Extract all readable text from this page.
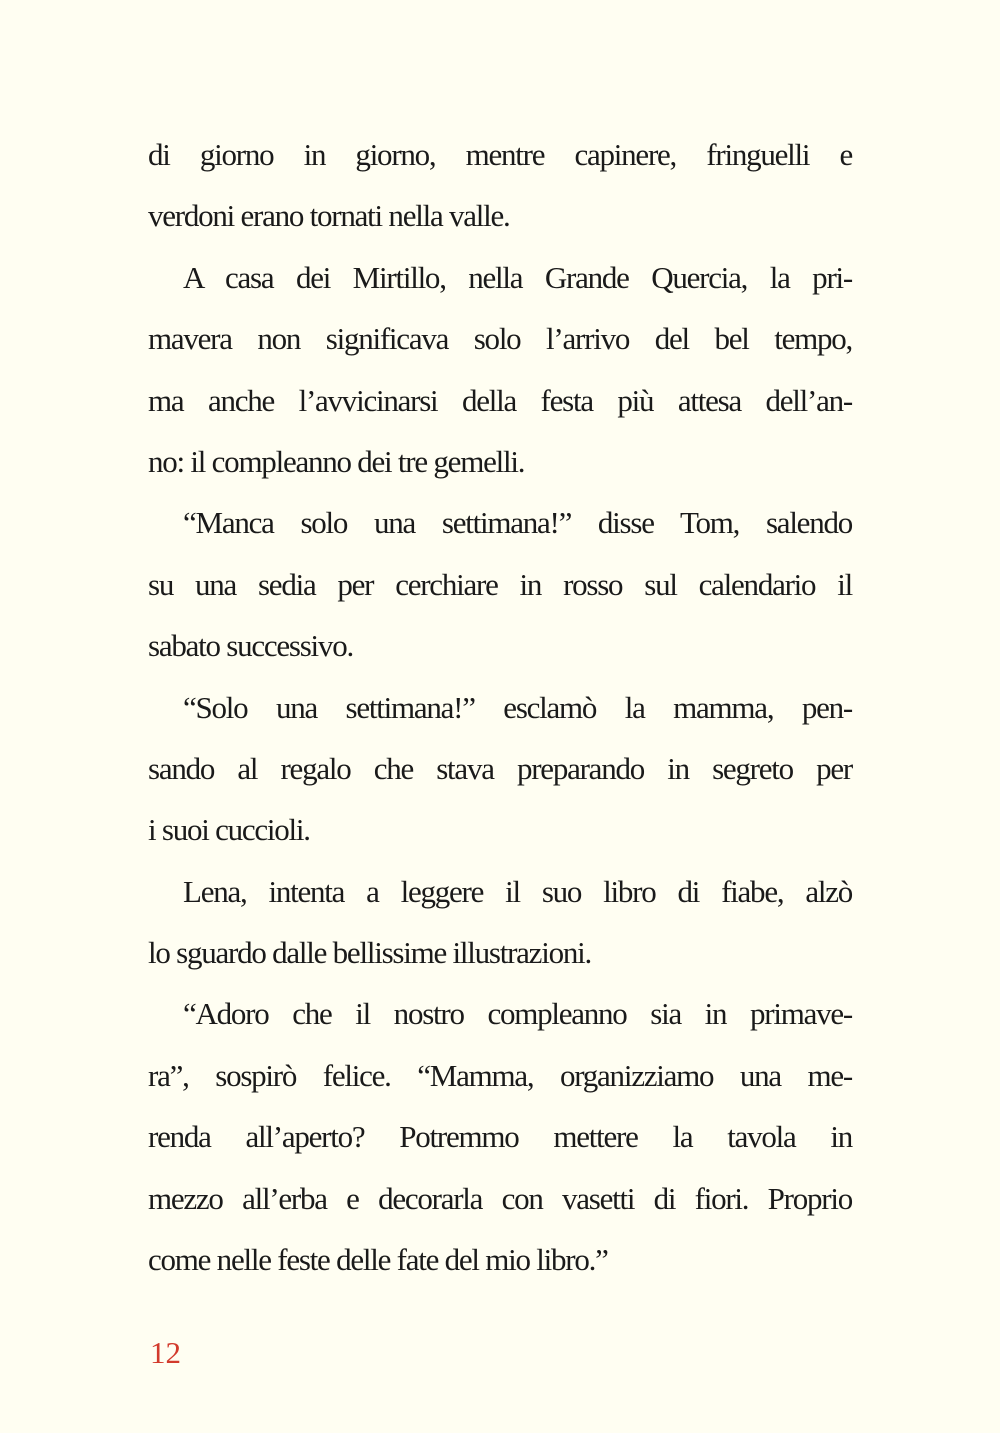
di giorno in giorno, mentre capinere, fringuelli e
verdoni erano tornati nella valle.
A casa dei Mirtillo, nella Grande Quercia, la pri-
mavera non significava solo l’arrivo del bel tempo,
ma anche l’avvicinarsi della festa più attesa dell’an-
no: il compleanno dei tre gemelli.
“Manca solo una settimana!” disse Tom, salendo
su una sedia per cerchiare in rosso sul calendario il
sabato successivo.
“Solo una settimana!” esclamò la mamma, pen-
sando al regalo che stava preparando in segreto per
i suoi cuccioli.
Lena, intenta a leggere il suo libro di fiabe, alzò
lo sguardo dalle bellissime illustrazioni.
“Adoro che il nostro compleanno sia in primave-
ra”, sospirò felice. “Mamma, organizziamo una me-
renda all’aperto? Potremmo mettere la tavola in
mezzo all’erba e decorarla con vasetti di fiori. Proprio
come nelle feste delle fate del mio libro.”
12
